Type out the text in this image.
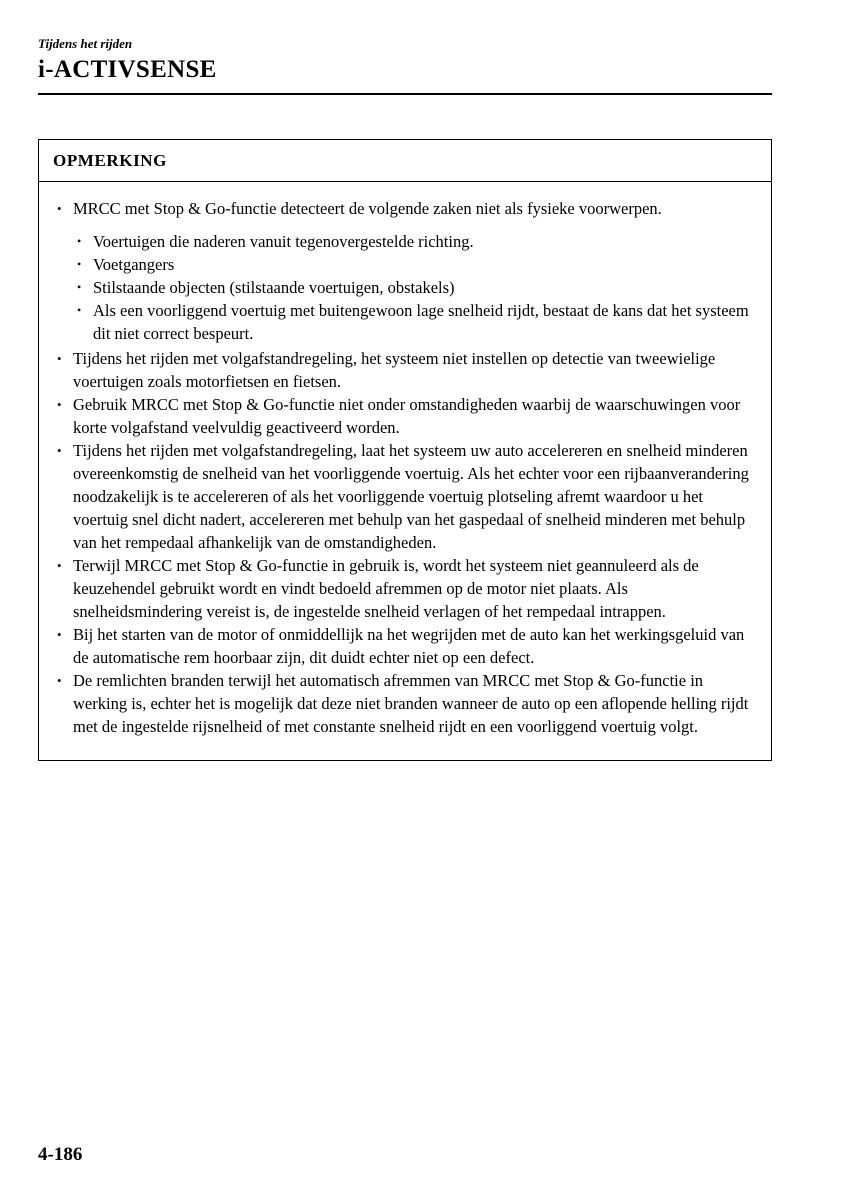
Tijdens het rijden
i-ACTIVSENSE
OPMERKING
• MRCC met Stop & Go-functie detecteert de volgende zaken niet als fysieke voorwerpen.
• Voertuigen die naderen vanuit tegenovergestelde richting.
• Voetgangers
• Stilstaande objecten (stilstaande voertuigen, obstakels)
• Als een voorliggend voertuig met buitengewoon lage snelheid rijdt, bestaat de kans dat het systeem dit niet correct bespeurt.
• Tijdens het rijden met volgafstandregeling, het systeem niet instellen op detectie van tweewielige voertuigen zoals motorfietsen en fietsen.
• Gebruik MRCC met Stop & Go-functie niet onder omstandigheden waarbij de waarschuwingen voor korte volgafstand veelvuldig geactiveerd worden.
• Tijdens het rijden met volgafstandregeling, laat het systeem uw auto accelereren en snelheid minderen overeenkomstig de snelheid van het voorliggende voertuig. Als het echter voor een rijbaanverandering noodzakelijk is te accelereren of als het voorliggende voertuig plotseling afremt waardoor u het voertuig snel dicht nadert, accelereren met behulp van het gaspedaal of snelheid minderen met behulp van het rempedaal afhankelijk van de omstandigheden.
• Terwijl MRCC met Stop & Go-functie in gebruik is, wordt het systeem niet geannuleerd als de keuzehendel gebruikt wordt en vindt bedoeld afremmen op de motor niet plaats. Als snelheidsmindering vereist is, de ingestelde snelheid verlagen of het rempedaal intrappen.
• Bij het starten van de motor of onmiddellijk na het wegrijden met de auto kan het werkingsgeluid van de automatische rem hoorbaar zijn, dit duidt echter niet op een defect.
• De remlichten branden terwijl het automatisch afremmen van MRCC met Stop & Go-functie in werking is, echter het is mogelijk dat deze niet branden wanneer de auto op een aflopende helling rijdt met de ingestelde rijsnelheid of met constante snelheid rijdt en een voorliggend voertuig volgt.
4-186
